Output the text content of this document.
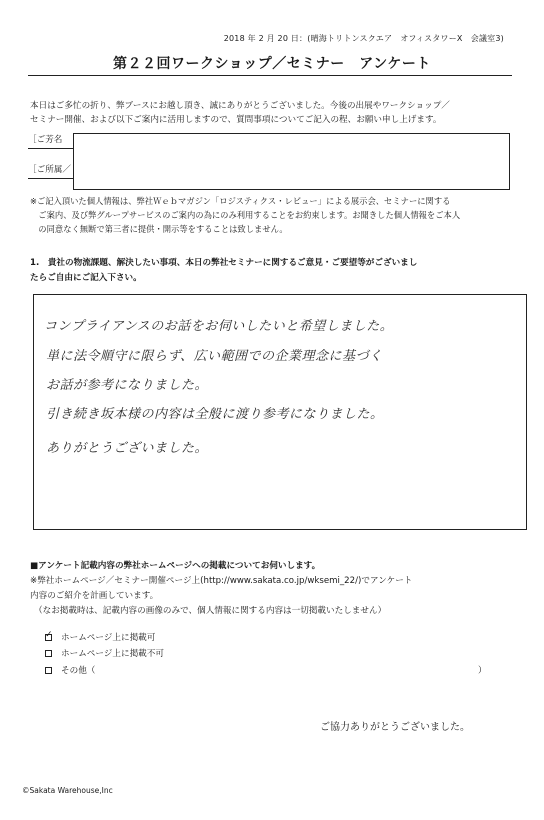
2018 年 2 月 20 日：(晴海トリトンスクエア　オフィスタワーX　会議室3)
第２２回ワークショップ／セミナー　アンケート
本日はご多忙の折り、弊ブースにお越し頂き、誠にありがとうございました。今後の出展やワークショップ／
セミナー開催、および以下ご案内に活用しますので、質問事項についてご記入の程、お願い申し上げます。
［ご芳名
［ご所属／
※ご記入頂いた個人情報は、弊社Ｗｅｂマガジン「ロジスティクス・レビュー」による展示会、セミナーに関する
　ご案内、及び弊グループサービスのご案内の為にのみ利用することをお約束します。お聞きした個人情報をご本人
　の同意なく無断で第三者に提供・開示等をすることは致しません。
1.　貴社の物流課題、解決したい事項、本日の弊社セミナーに関するご意見・ご要望等がございまし
たらご自由にご記入下さい。
コンプライアンスのお話をお伺いしたいと希望しました。
単に法令順守に限らず、広い範囲での企業理念に基づく
お話が参考になりました。
引き続き坂本様の内容は全般に渡り参考になりました。
ありがとうございました。
■アンケート記載内容の弊社ホームページへの掲載についてお伺いします。
※弊社ホームページ／セミナー開催ページ上(http://www.sakata.co.jp/wksemi_22/)でアンケート
内容のご紹介を計画しています。
（なお掲載時は、記載内容の画像のみで、個人情報に関する内容は一切掲載いたしません）
✓
ホームページ上に掲載可
ホームページ上に掲載不可
その他（	）
ご協力ありがとうございました。
©Sakata Warehouse,Inc
